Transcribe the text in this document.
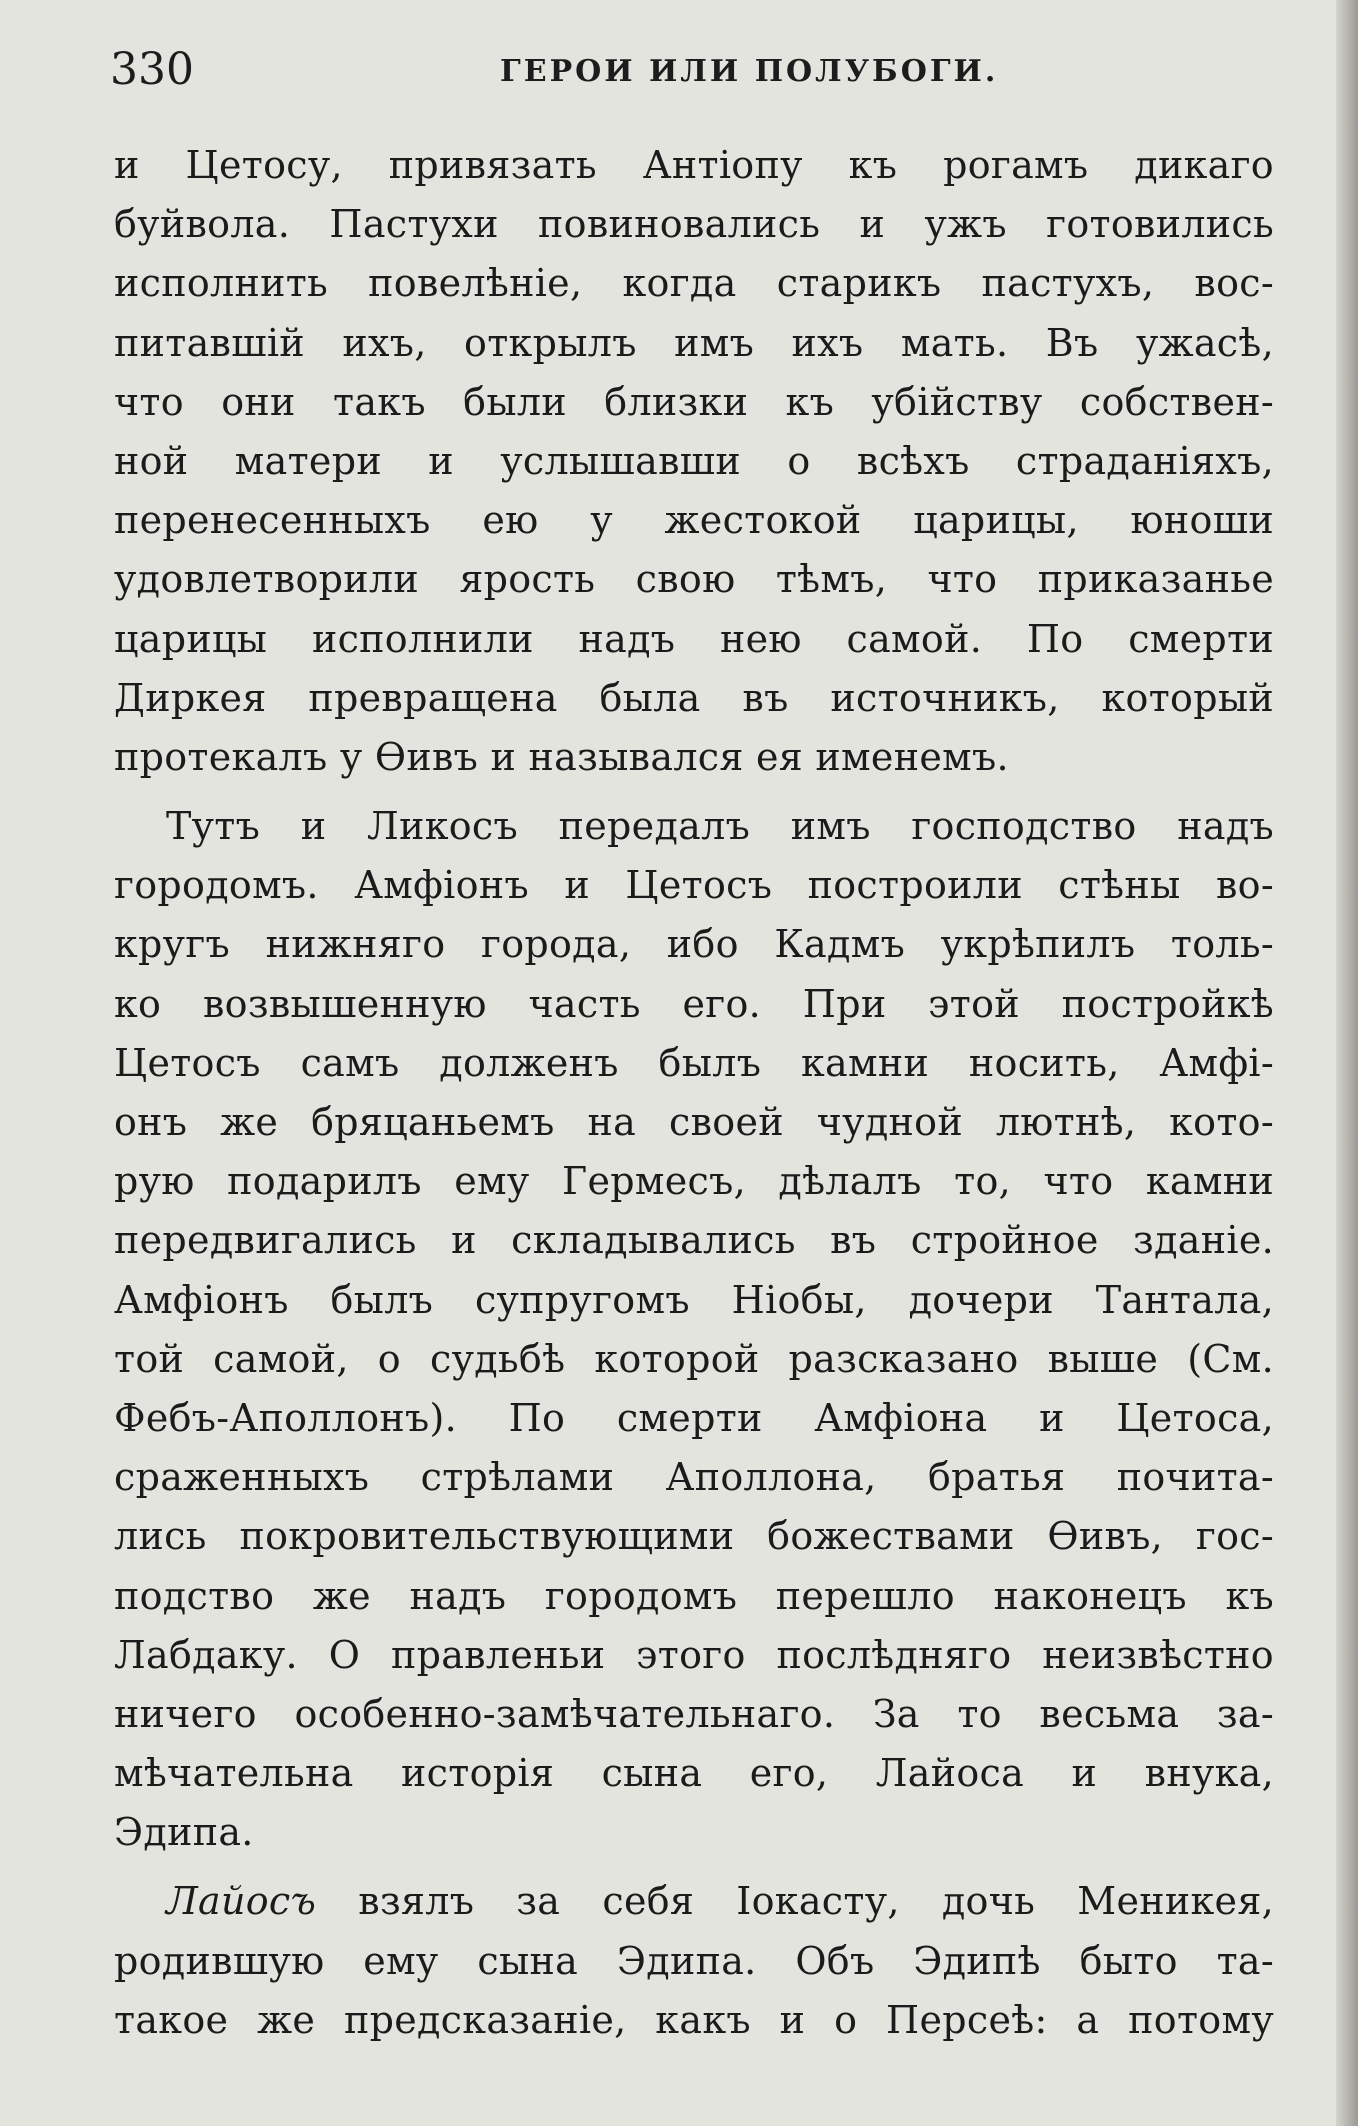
330	ГЕРОИ ИЛИ ПОЛУБОГИ.
и Цетосу, привязать Антіопу къ рогамъ дикаго
буйвола. Пастухи повиновались и ужъ готовились
исполнить повелѣніе, когда старикъ пастухъ, вос-
питавшій ихъ, открылъ имъ ихъ мать. Въ ужасѣ,
что они такъ были близки къ убійству собствен-
ной матери и услышавши о всѣхъ страданіяхъ,
перенесенныхъ ею у жестокой царицы, юноши
удовлетворили ярость свою тѣмъ, что приказанье
царицы исполнили надъ нею самой. По смерти
Диркея превращена была въ источникъ, который
протекалъ у Ѳивъ и назывался ея именемъ.
Тутъ и Ликосъ передалъ имъ господство надъ
городомъ. Амфіонъ и Цетосъ построили стѣны во-
кругъ нижняго города, ибо Кадмъ укрѣпилъ толь-
ко возвышенную часть его. При этой постройкѣ
Цетосъ самъ долженъ былъ камни носить, Амфі-
онъ же бряцаньемъ на своей чудной лютнѣ, кото-
рую подарилъ ему Гермесъ, дѣлалъ то, что камни
передвигались и складывались въ стройное зданіе.
Амфіонъ былъ супругомъ Ніобы, дочери Тантала,
той самой, о судьбѣ которой разсказано выше (См.
Фебъ-Аполлонъ). По смерти Амфіона и Цетоса,
сраженныхъ стрѣлами Аполлона, братья почита-
лись покровительствующими божествами Ѳивъ, гос-
подство же надъ городомъ перешло наконецъ къ
Лабдаку. О правленьи этого послѣдняго неизвѣстно
ничего особенно-замѣчательнаго. За то весьма за-
мѣчательна исторія сына его, Лайоса и внука,
Эдипа.
Лайосъ взялъ за себя Іокасту, дочь Меникея,
родившую ему сына Эдипа. Объ Эдипѣ быто та-
такое же предсказаніе, какъ и о Персеѣ: а потому
